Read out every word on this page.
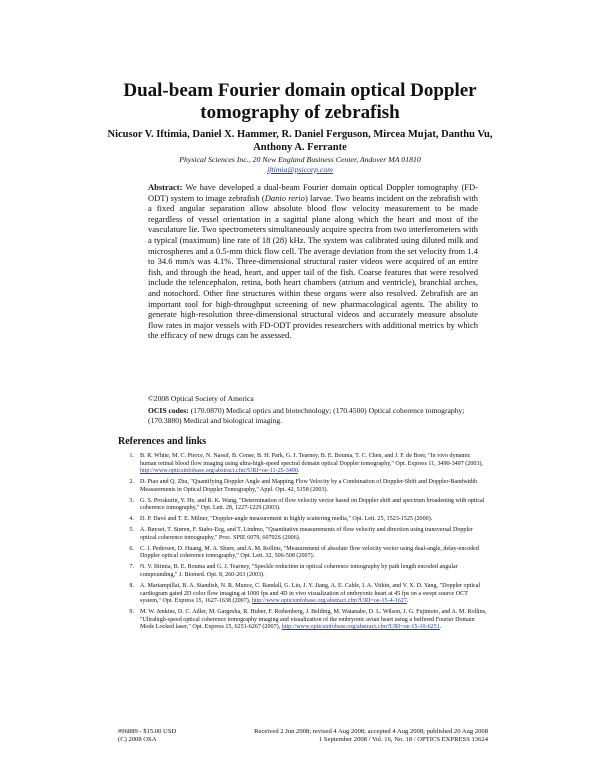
Dual-beam Fourier domain optical Doppler
tomography of zebrafish
Nicusor V. Iftimia, Daniel X. Hammer, R. Daniel Ferguson, Mircea Mujat, Danthu Vu,
Anthony A. Ferrante
Physical Sciences Inc., 20 New England Business Center, Andover MA 01810
iftimia@psicorp.com
Abstract: We have developed a dual-beam Fourier domain optical Doppler tomography (FD-ODT) system to image zebrafish (Danio rerio) larvae. Two beams incident on the zebrafish with a fixed angular separation allow absolute blood flow velocity measurement to be made regardless of vessel orientation in a sagittal plane along which the heart and most of the vasculature lie. Two spectrometers simultaneously acquire spectra from two interferometers with a typical (maximum) line rate of 18 (28) kHz. The system was calibrated using diluted milk and microspheres and a 0.5-mm thick flow cell. The average deviation from the set velocity from 1.4 to 34.6 mm/s was 4.1%. Three-dimensional structural raster videos were acquired of an entire fish, and through the head, heart, and upper tail of the fish. Coarse features that were resolved include the telencephalon, retina, both heart chambers (atrium and ventricle), branchial arches, and notochord. Other fine structures within these organs were also resolved. Zebrafish are an important tool for high-throughput screening of new pharmacological agents. The ability to generate high-resolution three-dimensional structural videos and accurately measure absolute flow rates in major vessels with FD-ODT provides researchers with additional metrics by which the efficacy of new drugs can be assessed.
©2008 Optical Society of America
OCIS codes: (170.0870) Medical optics and biotechnology; (170.4500) Optical coherence tomography; (170.3880) Medical and biological imaging.
References and links
1. B. R. White, M. C. Pierce, N. Nassif, B. Cense, B. H. Park, G. J. Tearney, B. E. Bouma, T. C. Chen, and J. F. de Boer, "In vivo dynamic human retinal blood flow imaging using ultra-high-speed spectral domain optical Doppler tomography," Opt. Express 11, 3490-3497 (2003), http://www.opticsinfobase.org/abstract.cfm?URI=oe-11-25-3490.
2. D. Piao and Q. Zhu, "Quantifying Doppler Angle and Mapping Flow Velocity by a Combination of Doppler-Shift and Doppler-Bandwidth Measurements in Optical Doppler Tomography," Appl. Opt. 42, 5158 (2003).
3. G. S. Proskurin, Y. He, and R. K. Wang, "Determination of flow velocity vector based on Doppler shift and spectrum broadening with optical coherence tomography," Opt. Lett. 28, 1227-1229 (2003).
4. D. P. Davé and T. E. Milner, "Doppler-angle measurement in highly scattering media," Opt. Lett. 25, 1523-1525 (2000).
5. A. Røyset, T. Støren, F. Stabo-Eeg, and T. Lindmo, "Quantitative measurements of flow velocity and direction using transversal Doppler optical coherence tomography," Proc. SPIE 6079, 60792S (2006).
6. C. J. Pedersen, D. Huang, M. A. Shure, and A. M. Rollins, "Measurement of absolute flow velocity vector using dual-angle, delay-encoded Doppler optical coherence tomography," Opt. Lett. 32, 506-508 (2007).
7. N. V. Iftimia, B. E. Bouma and G. J. Tearney, "Speckle reduction in optical coherence tomography by path length encoded angular compounding," J. Biomed. Opt. 8, 260-263 (2003).
8. A. Mariampillai, B. A. Standish, N. R. Munce, C. Randall, G. Liu, J. Y. Jiang, A. E. Cable, I. A. Vitkin, and V. X. D. Yang, "Doppler optical cardiogram gated 2D color flow imaging at 1000 fps and 4D in vivo visualization of embryonic heart at 45 fps on a swept source OCT system," Opt. Express 15, 1627-1638 (2007), http://www.opticsinfobase.org/abstract.cfm?URI=oe-15-4-1627.
9. M. W. Jenkins, D. C. Adler, M. Gargesha, R. Huber, F. Rothenberg, J. Belding, M. Watanabe, D. L. Wilson, J. G. Fujimoto, and A. M. Rollins, "Ultrahigh-speed optical coherence tomography imaging and visualization of the embryonic avian heart using a buffered Fourier Domain Mode Locked laser," Opt. Express 15, 6251-6267 (2007), http://www.opticsinfobase.org/abstract.cfm?URI=oe-15-10-6251.
#96889 - $15.00 USD	Received 2 Jun 2008; revised 4 Aug 2008; accepted 4 Aug 2008; published 20 Aug 2008
(C) 2008 OSA	1 September 2008 / Vol. 16, No. 18 / OPTICS EXPRESS 13624
